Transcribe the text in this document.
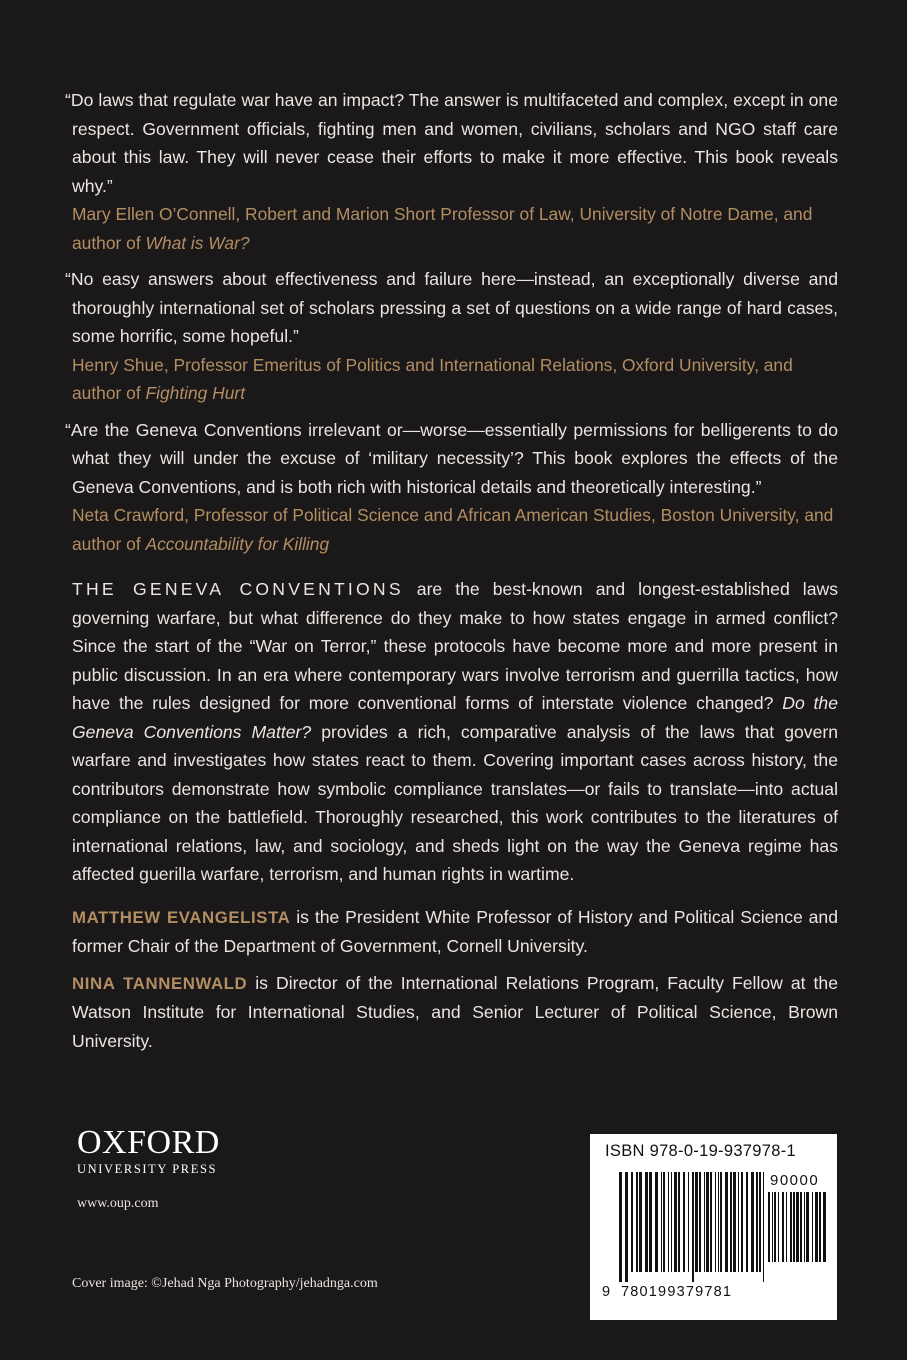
“Do laws that regulate war have an impact? The answer is multifaceted and complex, except in one respect. Government officials, fighting men and women, civilians, scholars and NGO staff care about this law. They will never cease their efforts to make it more effective. This book reveals why.”

Mary Ellen O’Connell, Robert and Marion Short Professor of Law, University of Notre Dame, and author of What is War?

“No easy answers about effectiveness and failure here—instead, an exceptionally diverse and thoroughly international set of scholars pressing a set of questions on a wide range of hard cases, some horrific, some hopeful.”

Henry Shue, Professor Emeritus of Politics and International Relations, Oxford University, and author of Fighting Hurt

“Are the Geneva Conventions irrelevant or—worse—essentially permissions for belligerents to do what they will under the excuse of ‘military necessity’? This book explores the effects of the Geneva Conventions, and is both rich with historical details and theoretically interesting.”

Neta Crawford, Professor of Political Science and African American Studies, Boston University, and author of Accountability for Killing

THE GENEVA CONVENTIONS are the best-known and longest-established laws governing warfare, but what difference do they make to how states engage in armed conflict? Since the start of the “War on Terror,” these protocols have become more and more present in public discussion. In an era where contemporary wars involve terrorism and guerrilla tactics, how have the rules designed for more conventional forms of interstate violence changed? Do the Geneva Conventions Matter? provides a rich, comparative analysis of the laws that govern warfare and investigates how states react to them. Covering important cases across history, the contributors demonstrate how symbolic compliance translates—or fails to translate—into actual compliance on the battlefield. Thoroughly researched, this work contributes to the literatures of international relations, law, and sociology, and sheds light on the way the Geneva regime has affected guerilla warfare, terrorism, and human rights in wartime.

MATTHEW EVANGELISTA is the President White Professor of History and Political Science and former Chair of the Department of Government, Cornell University.

NINA TANNENWALD is Director of the International Relations Program, Faculty Fellow at the Watson Institute for International Studies, and Senior Lecturer of Political Science, Brown University.

OXFORD
UNIVERSITY PRESS
www.oup.com
Cover image: ©Jehad Nga Photography/jehadnga.com
ISBN 978-0-19-937978-1
90000
9 780199379781
